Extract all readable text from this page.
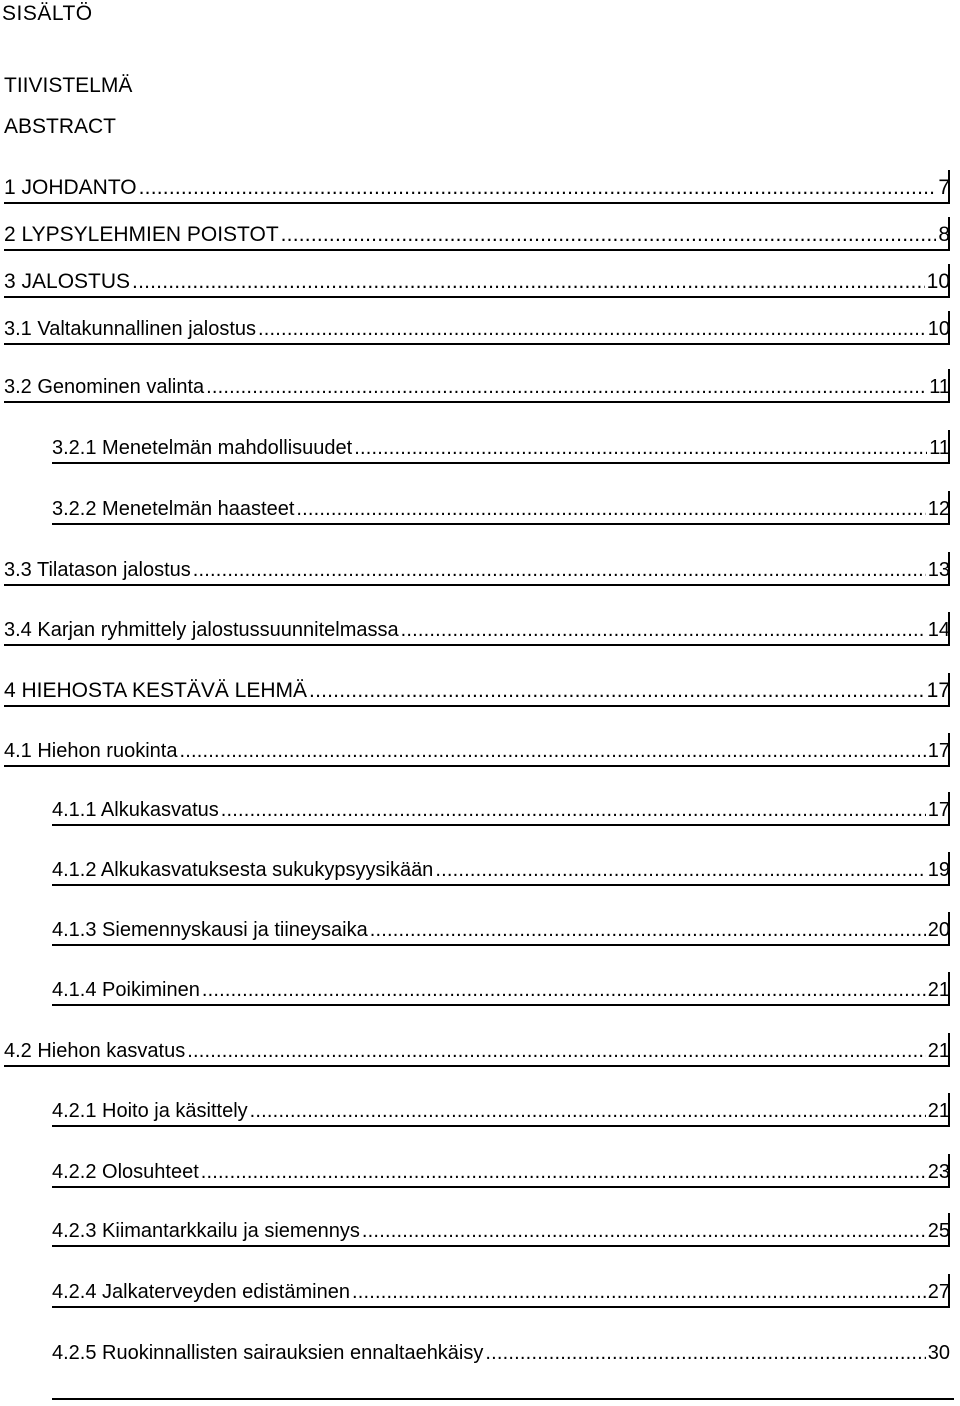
SISÄLTÖ
TIIVISTELMÄ
ABSTRACT
1 JOHDANTO .....	7
2 LYPSYLEHMIEN POISTOT .....	8
3 JALOSTUS .....	10
3.1 Valtakunnallinen jalostus .....	10
3.2 Genominen valinta .....	11
3.2.1 Menetelmän mahdollisuudet .....	11
3.2.2 Menetelmän haasteet .....	12
3.3 Tilatason jalostus .....	13
3.4 Karjan ryhmittely jalostussuunnitelmassa .....	14
4 HIEHOSTA KESTÄVÄ LEHMÄ .....	17
4.1 Hiehon ruokinta .....	17
4.1.1 Alkukasvatus .....	17
4.1.2 Alkukasvatuksesta sukukypsyysikään .....	19
4.1.3 Siemennyskausi ja tiineysaika .....	20
4.1.4 Poikiminen .....	21
4.2 Hiehon kasvatus .....	21
4.2.1 Hoito ja käsittely .....	21
4.2.2 Olosuhteet .....	23
4.2.3 Kiimantarkkailu ja siemennys .....	25
4.2.4 Jalkaterveyden edistäminen .....	27
4.2.5 Ruokinnallisten sairauksien ennaltaehkäisy .....	30
